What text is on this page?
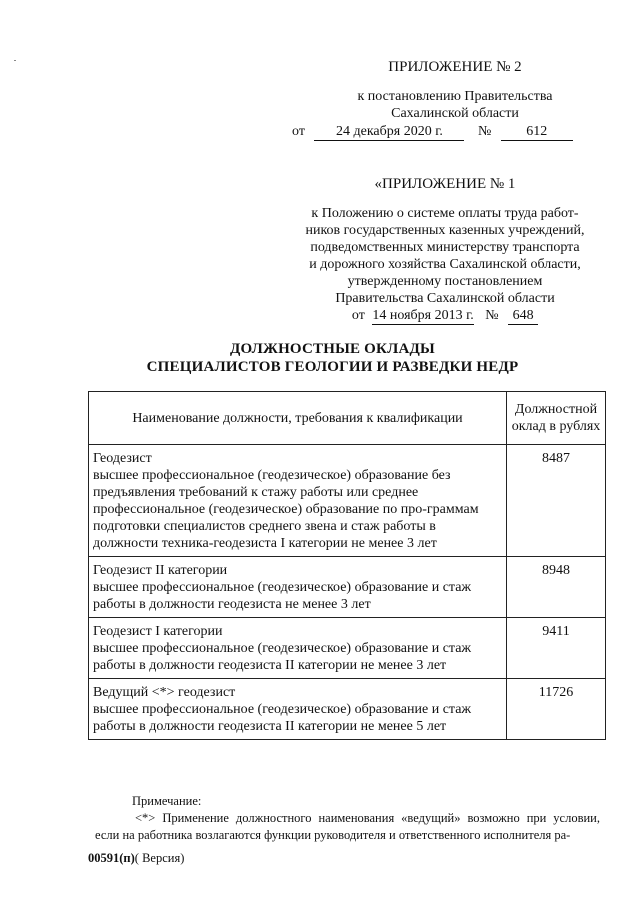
ПРИЛОЖЕНИЕ № 2
к постановлению Правительства
Сахалинской области
от 24 декабря 2020 г.	№	612
«ПРИЛОЖЕНИЕ № 1
к Положению о системе оплаты труда работ-
ников государственных казенных учреждений,
подведомственных министерству транспорта
и дорожного хозяйства Сахалинской области,
утвержденному постановлением
Правительства Сахалинской области
от 14 ноября 2013 г. № 648
ДОЛЖНОСТНЫЕ ОКЛАДЫ
СПЕЦИАЛИСТОВ ГЕОЛОГИИ И РАЗВЕДКИ НЕДР
Наименование должности, требования к квалификации	Должностной оклад в рублях

Геодезист
высшее профессиональное (геодезическое) образование без предъявления требований к стажу работы или среднее профессиональное (геодезическое) образование по про-граммам подготовки специалистов среднего звена и стаж работы в должности техника-геодезиста I категории не менее 3 лет	8487

Геодезист II категории
высшее профессиональное (геодезическое) образование и стаж работы в должности геодезиста не менее 3 лет	8948

Геодезист I категории
высшее профессиональное (геодезическое) образование и стаж работы в должности геодезиста II категории не менее 3 лет	9411

Ведущий <*> геодезист
высшее профессиональное (геодезическое) образование и стаж работы в должности геодезиста II категории не менее 5 лет	11726
Примечание:
<*> Применение должностного наименования «ведущий» возможно при условии, если на работника возлагаются функции руководителя и ответственного исполнителя ра-
00591(п)( Версия)
